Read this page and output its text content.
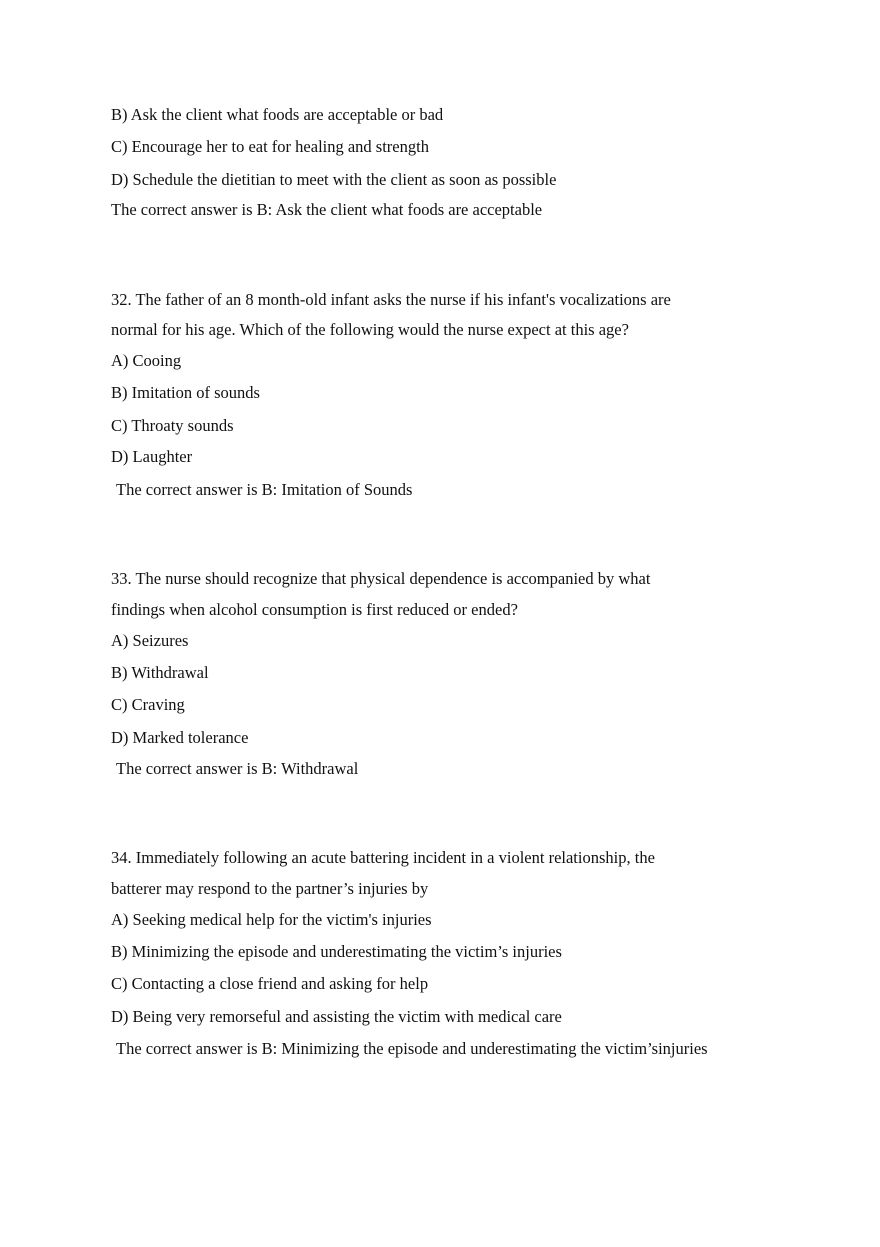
B) Ask the client what foods are acceptable or bad
C) Encourage her to eat for healing and strength
D) Schedule the dietitian to meet with the client as soon as possible
The correct answer is B: Ask the client what foods are acceptable
32. The father of an 8 month-old infant asks the nurse if his infant's vocalizations are
normal for his age. Which of the following would the nurse expect at this age?
A) Cooing
B) Imitation of sounds
C) Throaty sounds
D) Laughter
The correct answer is B: Imitation of Sounds
33. The nurse should recognize that physical dependence is accompanied by what
findings when alcohol consumption is first reduced or ended?
A) Seizures
B) Withdrawal
C) Craving
D) Marked tolerance
The correct answer is B: Withdrawal
34. Immediately following an acute battering incident in a violent relationship, the
batterer may respond to the partner’s injuries by
A) Seeking medical help for the victim's injuries
B) Minimizing the episode and underestimating the victim’s injuries
C) Contacting a close friend and asking for help
D) Being very remorseful and assisting the victim with medical care
The correct answer is B: Minimizing the episode and underestimating the victim’sinjuries
